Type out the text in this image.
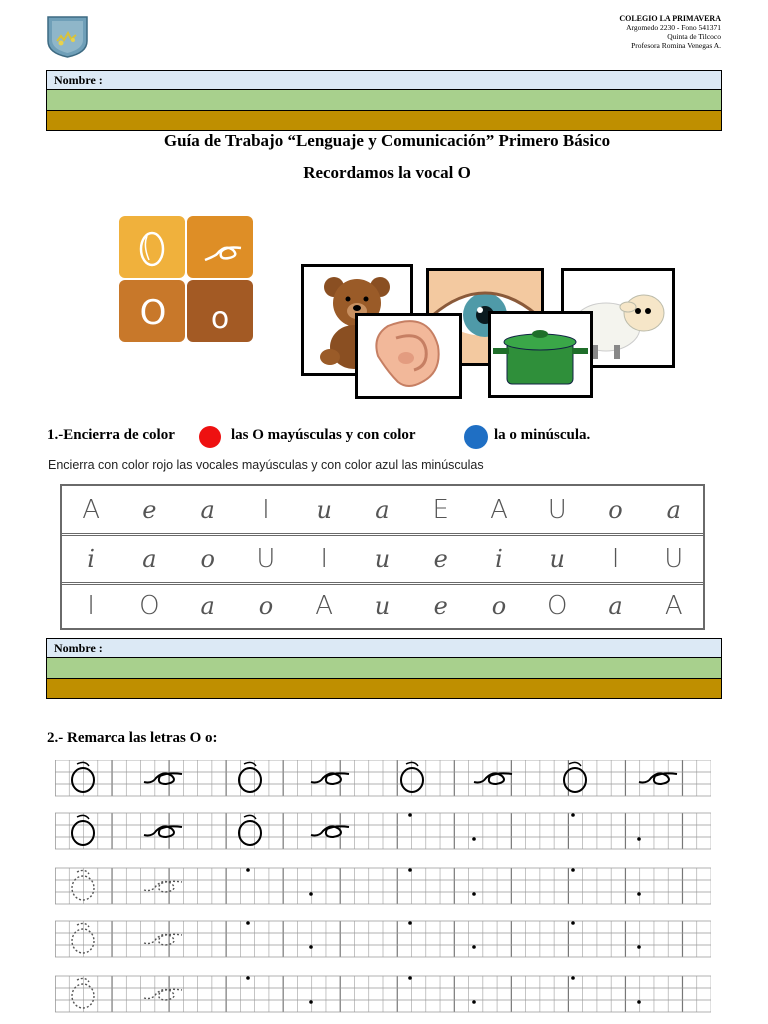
COLEGIO LA PRIMAVERA
Argomedo 2230 - Fono 541371
Quinta de Tilcoco
Profesora Romina Venegas A.
Nombre :
Guía de Trabajo “Lenguaje y Comunicación” Primero Básico
Recordamos la vocal O
O o
1.-Encierra de color	las O mayúsculas y con color	la o minúscula.
Encierra con color rojo las vocales mayúsculas y con color azul las minúsculas
A	e	a	I	u	a	E	A	U	o	a
i	a	o	U	I	u	e	i	u	I	U
I	O	a	o	A	u	e	o	O	a	A
Nombre :
2.- Remarca las letras O o:
